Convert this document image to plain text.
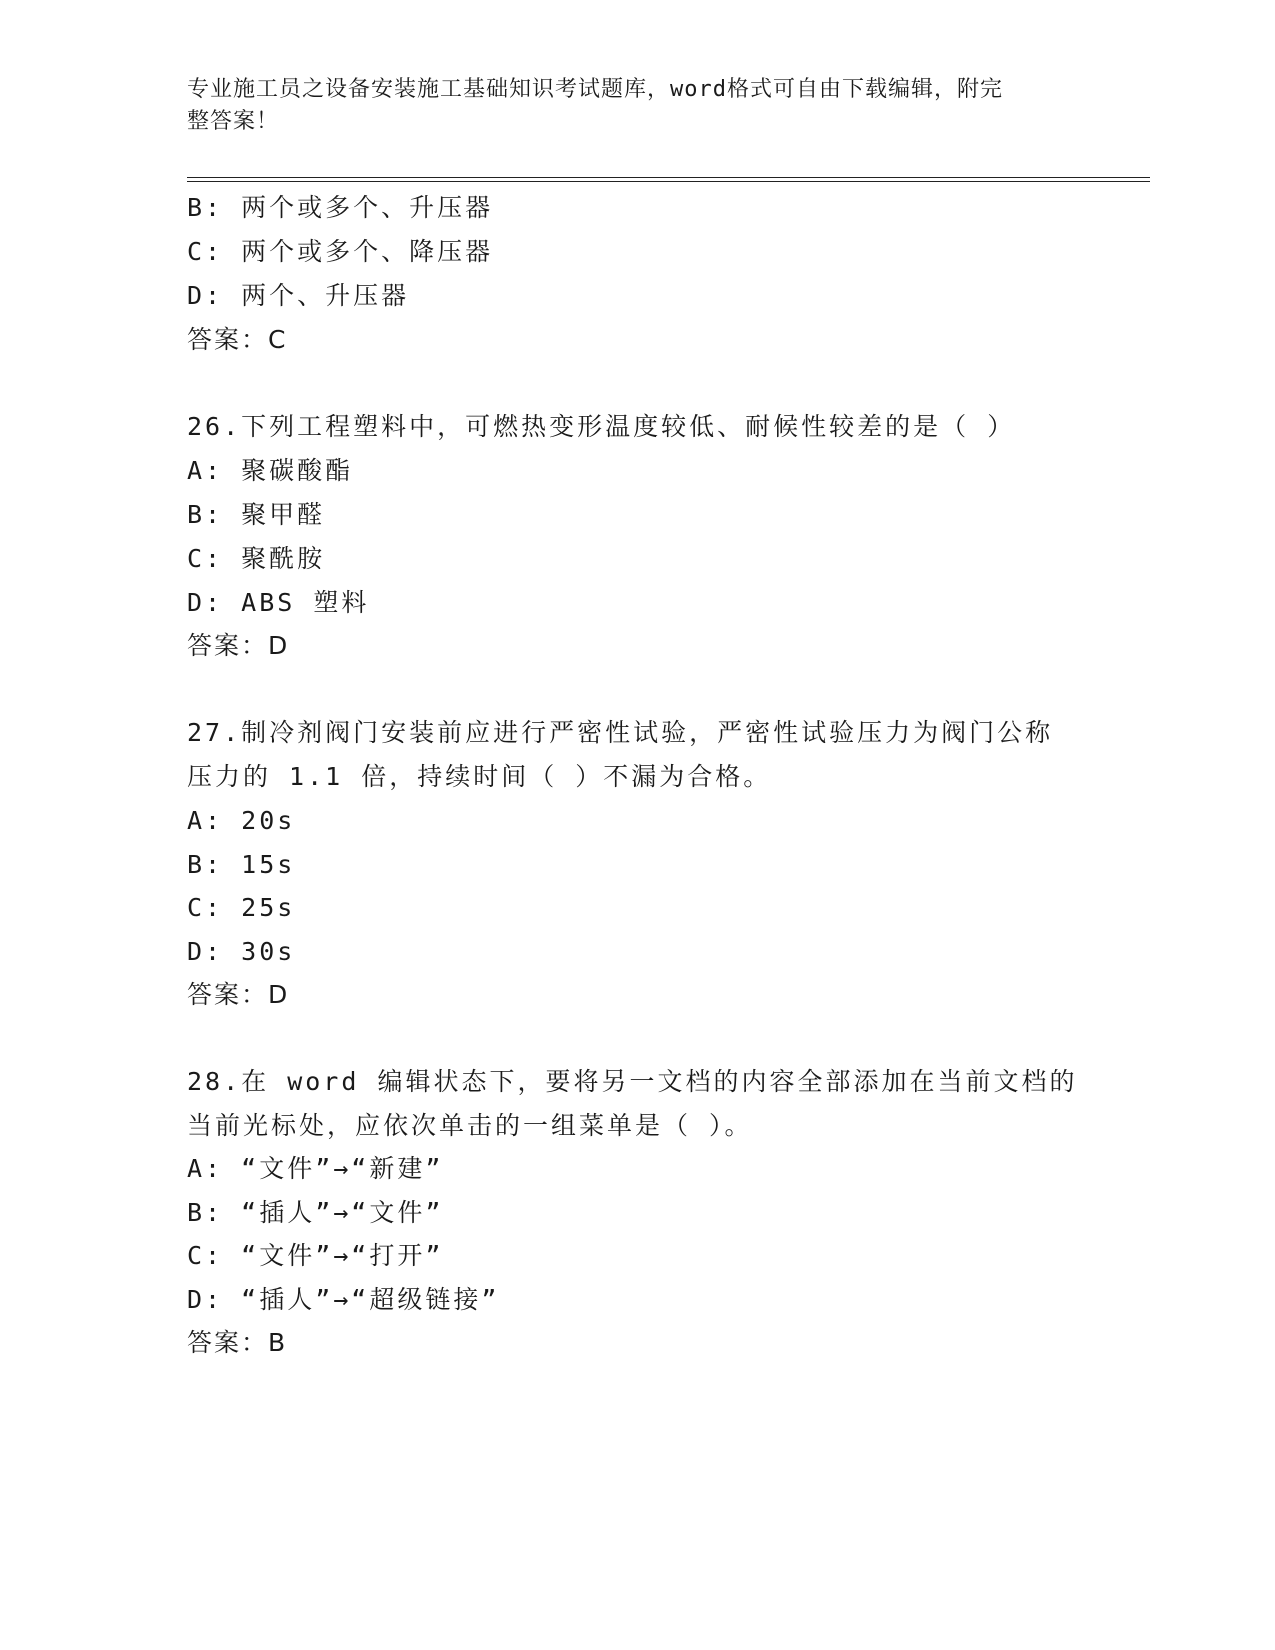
专业施工员之设备安装施工基础知识考试题库，word格式可自由下载编辑，附完
整答案！
B: 两个或多个、升压器
C: 两个或多个、降压器
D: 两个、升压器
答案：C
26.下列工程塑料中，可燃热变形温度较低、耐候性较差的是（ ）
A: 聚碳酸酯
B: 聚甲醛
C: 聚酰胺
D: ABS 塑料
答案：D
27.制冷剂阀门安装前应进行严密性试验，严密性试验压力为阀门公称
压力的 1.1 倍，持续时间（ ）不漏为合格。
A: 20s
B: 15s
C: 25s
D: 30s
答案：D
28.在 word 编辑状态下，要将另一文档的内容全部添加在当前文档的
当前光标处，应依次单击的一组菜单是（ ）。
A: “文件”→“新建”
B: “插人”→“文件”
C: “文件”→“打开”
D: “插人”→“超级链接”
答案：B
